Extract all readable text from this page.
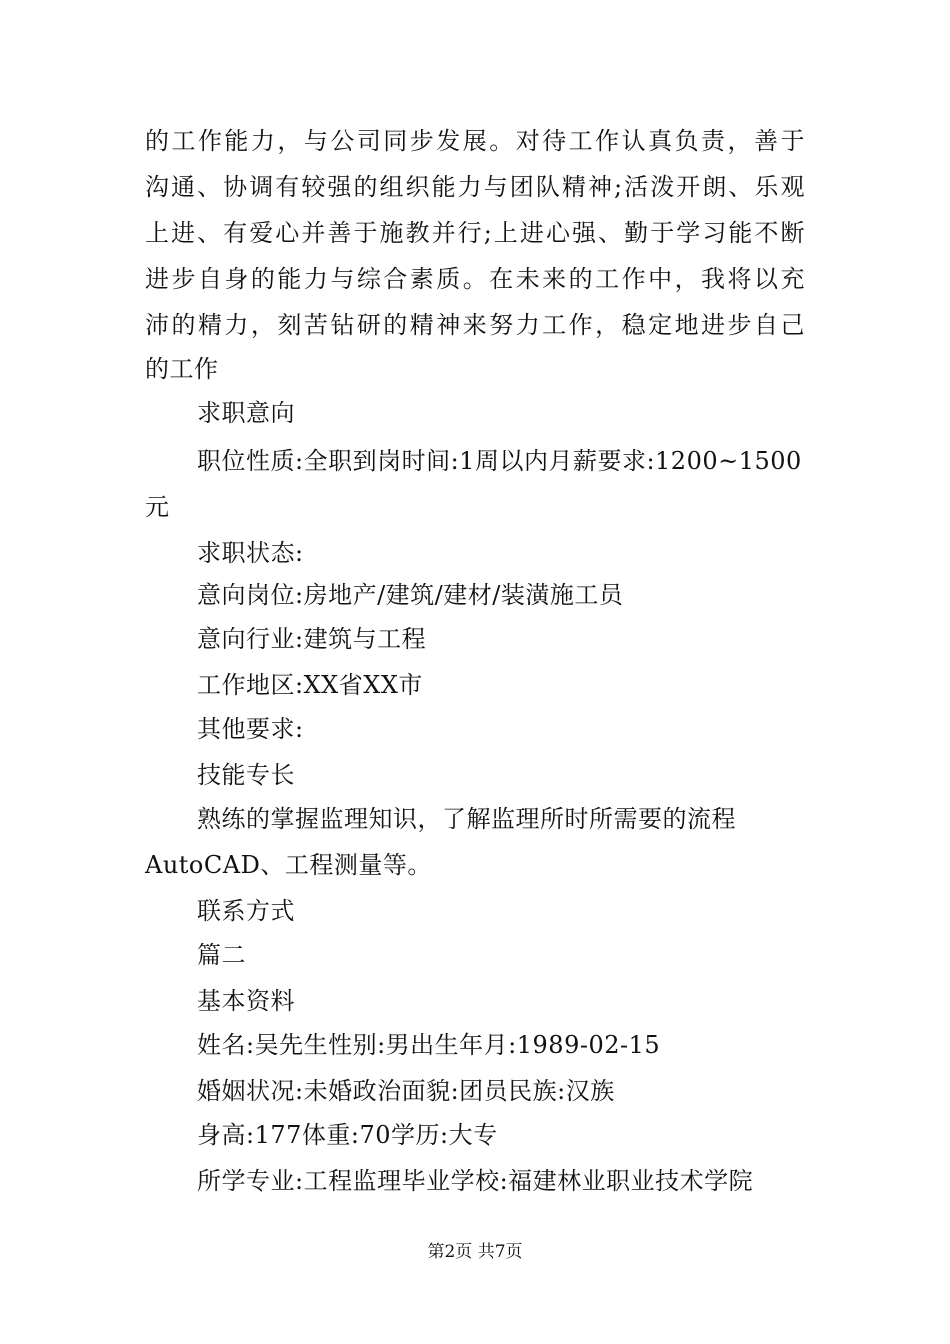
的工作能力，与公司同步发展。对待工作认真负责，善于
沟通、协调有较强的组织能力与团队精神;活泼开朗、乐观
上进、有爱心并善于施教并行;上进心强、勤于学习能不断
进步自身的能力与综合素质。在未来的工作中，我将以充
沛的精力，刻苦钻研的精神来努力工作，稳定地进步自己
的工作
求职意向
职位性质:全职到岗时间:1周以内月薪要求:1200~1500
元
求职状态:
意向岗位:房地产/建筑/建材/装潢施工员
意向行业:建筑与工程
工作地区:XX省XX市
其他要求:
技能专长
熟练的掌握监理知识，了解监理所时所需要的流程
AutoCAD、工程测量等。
联系方式
篇二
基本资料
姓名:吴先生性别:男出生年月:1989-02-15
婚姻状况:未婚政治面貌:团员民族:汉族
身高:177体重:70学历:大专
所学专业:工程监理毕业学校:福建林业职业技术学院
第2页 共7页
